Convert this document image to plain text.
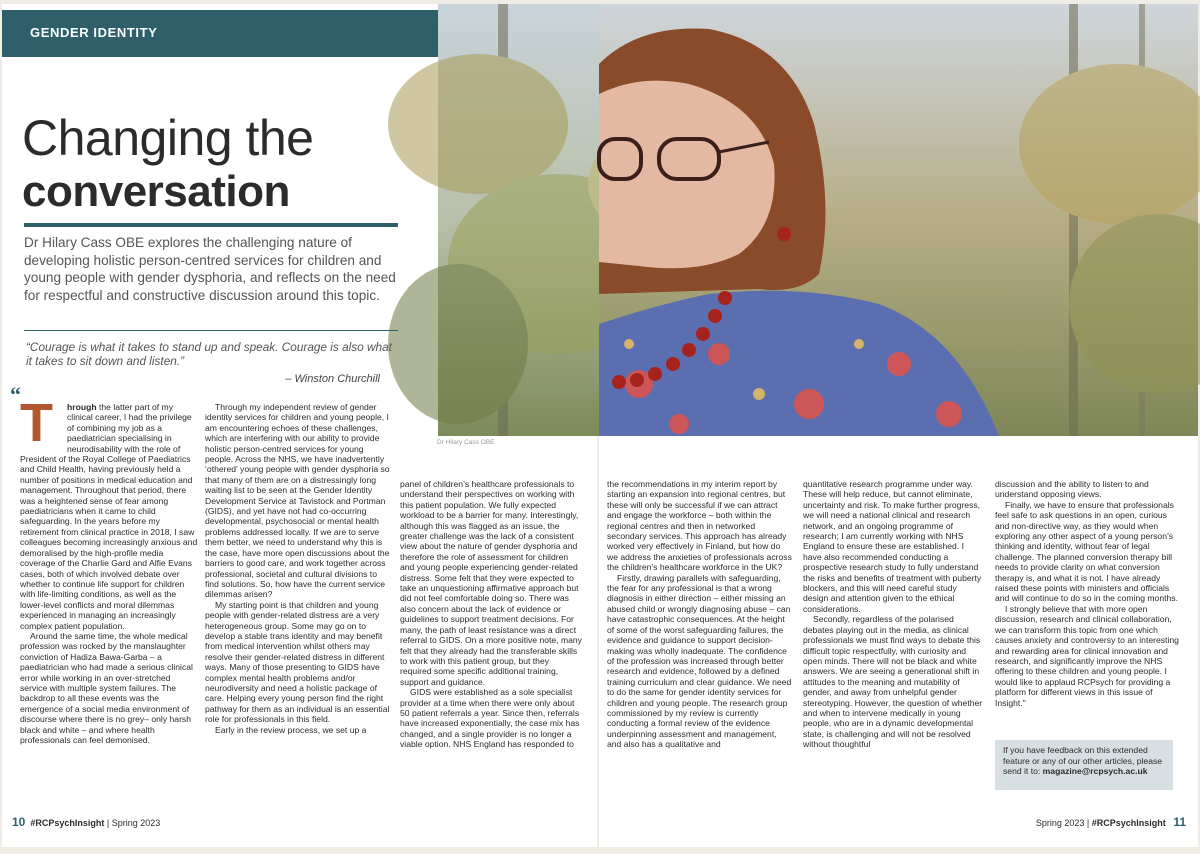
GENDER IDENTITY
Changing the
conversation
Dr Hilary Cass OBE explores the challenging nature of developing holistic person-centred services for children and young people with gender dysphoria, and reflects on the need for respectful and constructive discussion around this topic.
“Courage is what it takes to stand up and speak. Courage is also what it takes to sit down and listen.”
– Winston Churchill
“ T	hrough the latter part of my clinical career, I had the privilege of combining my job as a paediatrician specialising in neurodisability with the role of President of the Royal College of Paediatrics and Child Health, having previously held a number of positions in medical education and management. Throughout that period, there was a heightened sense of fear among paediatricians when it came to child safeguarding. In the years before my retirement from clinical practice in 2018, I saw colleagues becoming increasingly anxious and demoralised by the high-profile media coverage of the Charlie Gard and Alfie Evans cases, both of which involved debate over whether to continue life support for children with life-limiting conditions, as well as the lower-level conflicts and moral dilemmas experienced in managing an increasingly complex patient population.

Around the same time, the whole medical profession was rocked by the manslaughter conviction of Hadiza Bawa-Garba – a paediatrician who had made a serious clinical error while working in an over-stretched service with multiple system failures. The backdrop to all these events was the emergence of a social media environment of discourse where there is no grey– only harsh black and white – and where health professionals can feel demonised.

Through my independent review of gender identity services for children and young people, I am encountering echoes of these challenges, which are interfering with our ability to provide holistic person-centred services for young people. Across the NHS, we have inadvertently ‘othered’ young people with gender dysphoria so that many of them are on a distressingly long waiting list to be seen at the Gender Identity Development Service at Tavistock and Portman (GIDS), and yet have not had co-occurring developmental, psychosocial or mental health problems addressed locally. If we are to serve them better, we need to understand why this is the case, have more open discussions about the barriers to good care, and work together across professional, societal and cultural divisions to find solutions. So, how have the current service dilemmas arisen?

My starting point is that children and young people with gender-related distress are a very heterogeneous group. Some may go on to develop a stable trans identity and may benefit from medical intervention whilst others may resolve their gender-related distress in different ways. Many of those presenting to GIDS have complex mental health problems and/or neurodiversity and need a holistic package of care. Helping every young person find the right pathway for them as an individual is an essential role for professionals in this field.

Early in the review process, we set up a

panel of children’s healthcare professionals to understand their perspectives on working with this patient population. We fully expected workload to be a barrier for many. Interestingly, although this was flagged as an issue, the greater challenge was the lack of a consistent view about the nature of gender dysphoria and therefore the role of assessment for children and young people experiencing gender-related distress. Some felt that they were expected to take an unquestioning affirmative approach but did not feel comfortable doing so. There was also concern about the lack of evidence or guidelines to support treatment decisions. For many, the path of least resistance was a direct referral to GIDS. On a more positive note, many felt that they already had the transferable skills to work with this patient group, but they required some specific additional training, support and guidance.

GIDS were established as a sole specialist provider at a time when there were only about 50 patient referrals a year. Since then, referrals have increased exponentially, the case mix has changed, and a single provider is no longer a viable option. NHS England has responded to

10 #RCPsychInsight | Spring 2023
Dr Hilary Cass OBE

the recommendations in my interim report by starting an expansion into regional centres, but these will only be successful if we can attract and engage the workforce – both within the regional centres and then in networked secondary services. This approach has already worked very effectively in Finland, but how do we address the anxieties of professionals across the children’s healthcare workforce in the UK?

Firstly, drawing parallels with safeguarding, the fear for any professional is that a wrong diagnosis in either direction – either missing an abused child or wrongly diagnosing abuse – can have catastrophic consequences. At the height of some of the worst safeguarding failures, the evidence and guidance to support decision-making was wholly inadequate. The confidence of the profession was increased through better research and evidence, followed by a defined training curriculum and clear guidance. We need to do the same for gender identity services for children and young people. The research group commissioned by my review is currently conducting a formal review of the evidence underpinning assessment and management, and also has a qualitative and

quantitative research programme under way. These will help reduce, but cannot eliminate, uncertainty and risk. To make further progress, we will need a national clinical and research network, and an ongoing programme of research; I am currently working with NHS England to ensure these are established. I have also recommended conducting a prospective research study to fully understand the risks and benefits of treatment with puberty blockers, and this will need careful study design and attention given to the ethical considerations.

Secondly, regardless of the polarised debates playing out in the media, as clinical professionals we must find ways to debate this difficult topic respectfully, with curiosity and open minds. There will not be black and white answers. We are seeing a generational shift in attitudes to the meaning and mutability of gender, and away from unhelpful gender stereotyping. However, the question of whether and when to intervene medically in young people, who are in a dynamic developmental state, is challenging and will not be resolved without thoughtful

discussion and the ability to listen to and understand opposing views.

Finally, we have to ensure that professionals feel safe to ask questions in an open, curious and non-directive way, as they would when exploring any other aspect of a young person’s thinking and identity, without fear of legal challenge. The planned conversion therapy bill needs to provide clarity on what conversion therapy is, and what it is not. I have already raised these points with ministers and officials and will continue to do so in the coming months.

I strongly believe that with more open discussion, research and clinical collaboration, we can transform this topic from one which causes anxiety and controversy to an interesting and rewarding area for clinical innovation and research, and significantly improve the NHS offering to these children and young people. I would like to applaud RCPsych for providing a platform for different views in this issue of Insight."

If you have feedback on this extended feature or any of our other articles, please send it to: magazine@rcpsych.ac.uk
Spring 2023 | #RCPsychInsight 11
